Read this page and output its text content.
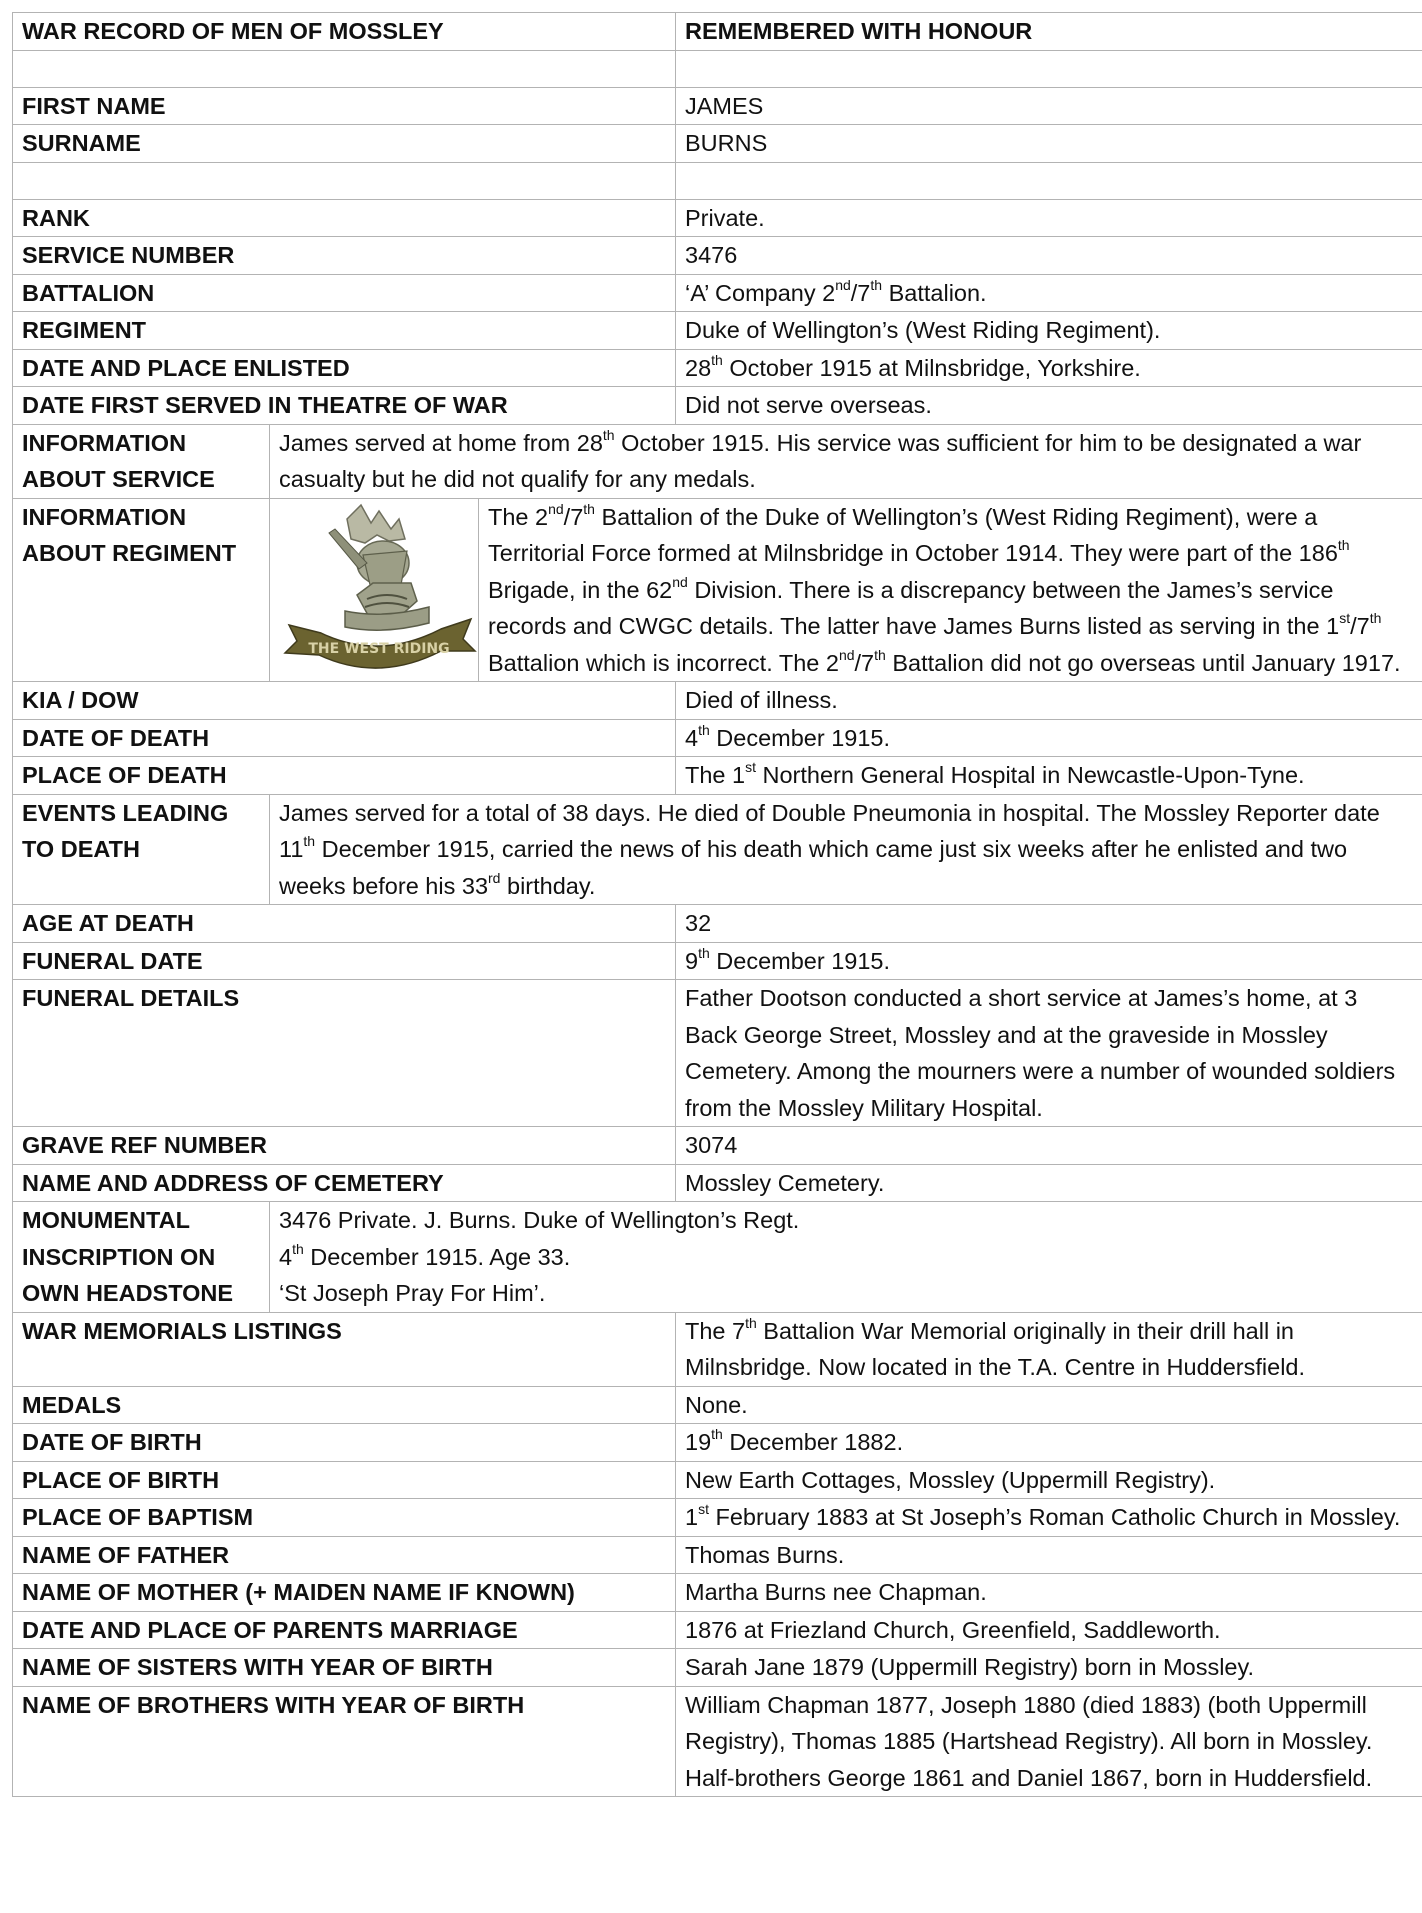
WAR RECORD OF MEN OF MOSSLEY			REMEMBERED WITH HONOUR

FIRST NAME			JAMES
SURNAME			BURNS

RANK			Private.
SERVICE NUMBER			3476
BATTALION			‘A’ Company 2nd/7th Battalion.
REGIMENT			Duke of Wellington’s (West Riding Regiment).
DATE AND PLACE ENLISTED			28th October 1915 at Milnsbridge, Yorkshire.
DATE FIRST SERVED IN THEATRE OF WAR			Did not serve overseas.
INFORMATION
ABOUT SERVICE	James served at home from 28th October 1915. His service was sufficient for him to be designated a war casualty but he did not qualify for any medals.		
INFORMATION
ABOUT REGIMENT	THE WEST RIDING	The 2nd/7th Battalion of the Duke of Wellington’s (West Riding Regiment), were a Territorial Force formed at Milnsbridge in October 1914. They were part of the 186th Brigade, in the 62nd Division. There is a discrepancy between the James’s service records and CWGC details. The latter have James Burns listed as serving in the 1st/7th Battalion which is incorrect. The 2nd/7th Battalion did not go overseas until January 1917.	
KIA / DOW			Died of illness.
DATE OF DEATH			4th December 1915.
PLACE OF DEATH			The 1st Northern General Hospital in Newcastle-Upon-Tyne.
EVENTS LEADING
TO DEATH	James served for a total of 38 days. He died of Double Pneumonia in hospital. The Mossley Reporter date 11th December 1915, carried the news of his death which came just six weeks after he enlisted and two weeks before his 33rd birthday.		
AGE AT DEATH			32
FUNERAL DATE			9th December 1915.
FUNERAL DETAILS			Father Dootson conducted a short service at James’s home, at 3 Back George Street, Mossley and at the graveside in Mossley Cemetery. Among the mourners were a number of wounded soldiers from the Mossley Military Hospital.
GRAVE REF NUMBER			3074
NAME AND ADDRESS OF CEMETERY			Mossley Cemetery.
MONUMENTAL
INSCRIPTION ON
OWN HEADSTONE	3476 Private. J. Burns. Duke of Wellington’s Regt.
4th December 1915. Age 33.
‘St Joseph Pray For Him’.		
WAR MEMORIALS LISTINGS			The 7th Battalion War Memorial originally in their drill hall in Milnsbridge. Now located in the T.A. Centre in Huddersfield.
MEDALS			None.
DATE OF BIRTH			19th December 1882.
PLACE OF BIRTH			New Earth Cottages, Mossley (Uppermill Registry).
PLACE OF BAPTISM			1st February 1883 at St Joseph’s Roman Catholic Church in Mossley.
NAME OF FATHER			Thomas Burns.
NAME OF MOTHER (+ MAIDEN NAME IF KNOWN)			Martha Burns nee Chapman.
DATE AND PLACE OF PARENTS MARRIAGE			1876 at Friezland Church, Greenfield, Saddleworth.
NAME OF SISTERS WITH YEAR OF BIRTH			Sarah Jane 1879 (Uppermill Registry) born in Mossley.
NAME OF BROTHERS WITH YEAR OF BIRTH			William Chapman 1877, Joseph 1880 (died 1883) (both Uppermill Registry), Thomas 1885 (Hartshead Registry). All born in Mossley.
Half-brothers George 1861 and Daniel 1867, born in Huddersfield.
